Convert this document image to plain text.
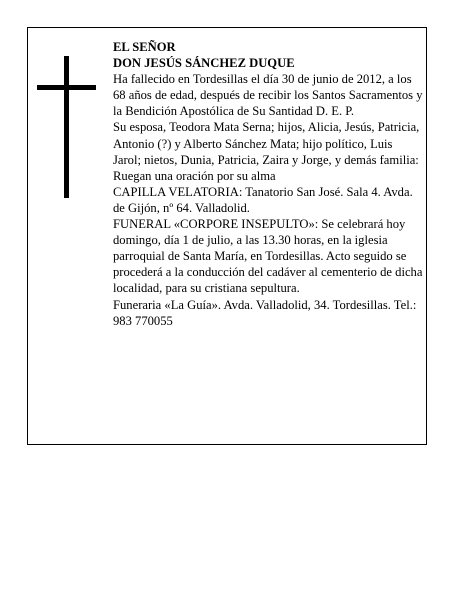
EL SEÑOR

DON JESÚS SÁNCHEZ DUQUE

Ha fallecido en Tordesillas el día 30 de junio de 2012, a los 68 años de edad, después de recibir los Santos Sacramentos y la Bendición Apostólica de Su Santidad D. E. P.

Su esposa, Teodora Mata Serna; hijos, Alicia, Jesús, Patricia, Antonio (?) y Alberto Sánchez Mata; hijo político, Luis Jarol; nietos, Dunia, Patricia, Zaira y Jorge, y demás familia:

Ruegan una oración por su alma

CAPILLA VELATORIA: Tanatorio San José. Sala 4. Avda. de Gijón, nº 64. Valladolid.

FUNERAL «CORPORE INSEPULTO»: Se celebrará hoy domingo, día 1 de julio, a las 13.30 horas, en la iglesia parroquial de Santa María, en Tordesillas. Acto seguido se procederá a la conducción del cadáver al cementerio de dicha localidad, para su cristiana sepultura.

Funeraria «La Guía». Avda. Valladolid, 34. Tordesillas. Tel.: 983 770055
